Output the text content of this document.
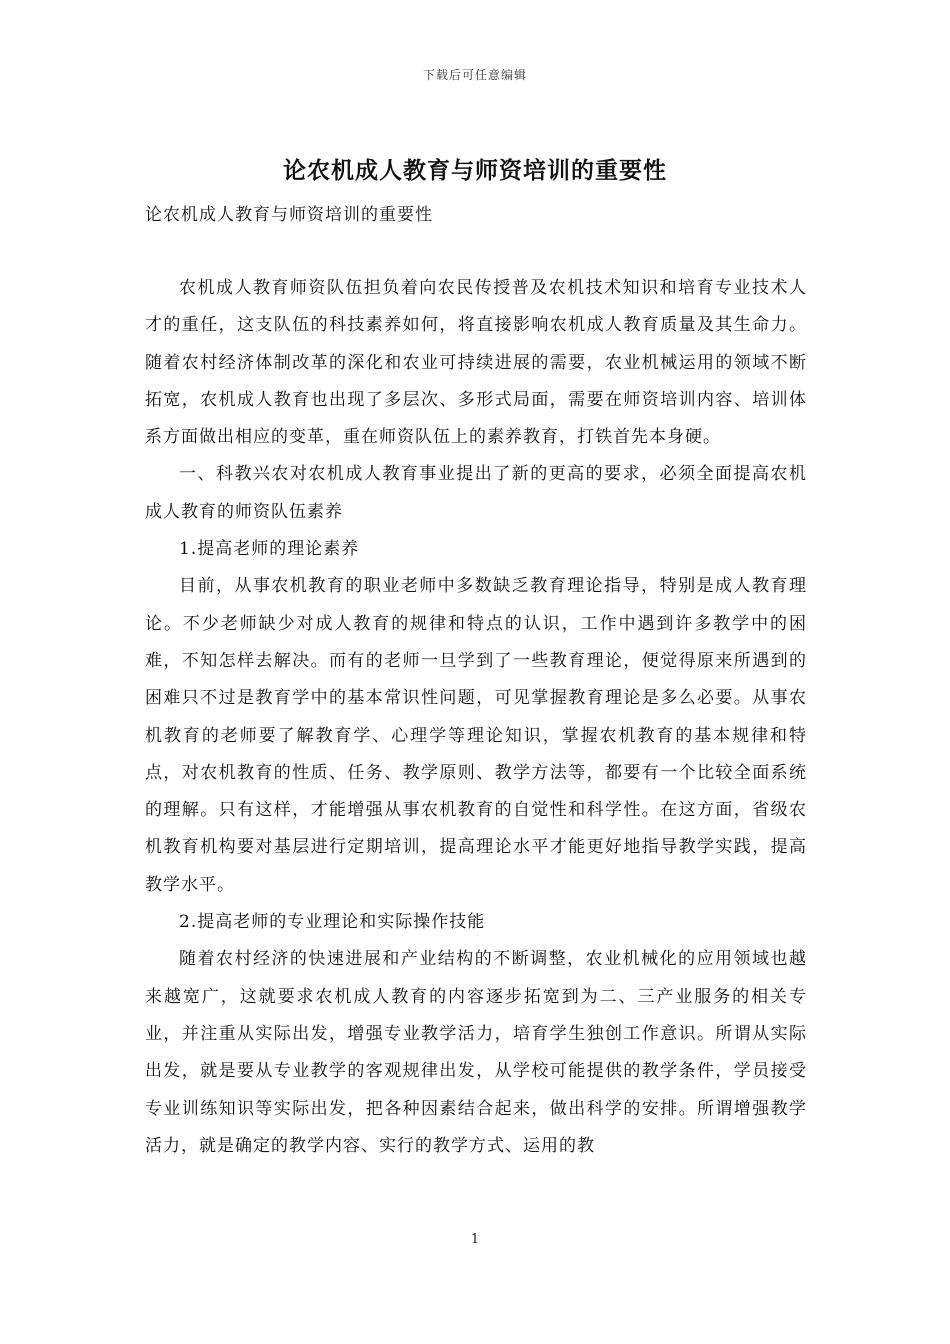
下载后可任意编辑
论农机成人教育与师资培训的重要性

论农机成人教育与师资培训的重要性

农机成人教育师资队伍担负着向农民传授普及农机技术知识和培育专业技术人才的重任，这支队伍的科技素养如何，将直接影响农机成人教育质量及其生命力。随着农村经济体制改革的深化和农业可持续进展的需要，农业机械运用的领域不断拓宽，农机成人教育也出现了多层次、多形式局面，需要在师资培训内容、培训体系方面做出相应的变革，重在师资队伍上的素养教育，打铁首先本身硬。

一、科教兴农对农机成人教育事业提出了新的更高的要求，必须全面提高农机成人教育的师资队伍素养

1.提高老师的理论素养

目前，从事农机教育的职业老师中多数缺乏教育理论指导，特别是成人教育理论。不少老师缺少对成人教育的规律和特点的认识，工作中遇到许多教学中的困难，不知怎样去解决。而有的老师一旦学到了一些教育理论，便觉得原来所遇到的困难只不过是教育学中的基本常识性问题，可见掌握教育理论是多么必要。从事农机教育的老师要了解教育学、心理学等理论知识，掌握农机教育的基本规律和特点，对农机教育的性质、任务、教学原则、教学方法等，都要有一个比较全面系统的理解。只有这样，才能增强从事农机教育的自觉性和科学性。在这方面，省级农机教育机构要对基层进行定期培训，提高理论水平才能更好地指导教学实践，提高教学水平。

2.提高老师的专业理论和实际操作技能

随着农村经济的快速进展和产业结构的不断调整，农业机械化的应用领域也越来越宽广，这就要求农机成人教育的内容逐步拓宽到为二、三产业服务的相关专业，并注重从实际出发，增强专业教学活力，培育学生独创工作意识。所谓从实际出发，就是要从专业教学的客观规律出发，从学校可能提供的教学条件，学员接受专业训练知识等实际出发，把各种因素结合起来，做出科学的安排。所谓增强教学活力，就是确定的教学内容、实行的教学方式、运用的教

1
